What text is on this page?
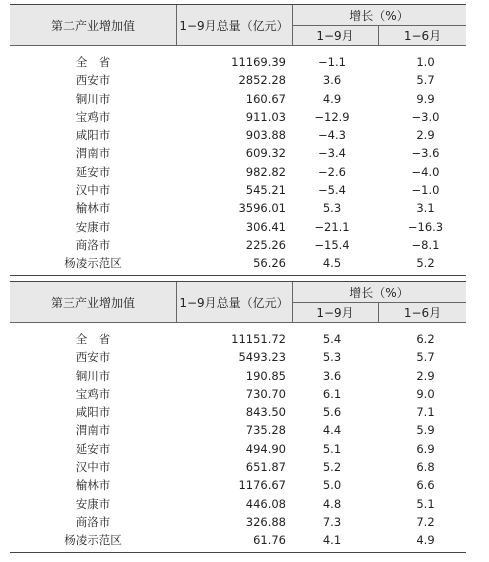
第二产业增加值	1−9月总量（亿元）
增长（%）
1−9月	1−6月
全　省	11169.39	−1.1	1.0
西安市	2852.28	3.6	5.7
铜川市	160.67	4.9	9.9
宝鸡市	911.03	−12.9	−3.0
咸阳市	903.88	−4.3	2.9
渭南市	609.32	−3.4	−3.6
延安市	982.82	−2.6	−4.0
汉中市	545.21	−5.4	−1.0
榆林市	3596.01	5.3	3.1
安康市	306.41	−21.1	−16.3
商洛市	225.26	−15.4	−8.1
杨凌示范区	56.26	4.5	5.2
第三产业增加值	1−9月总量（亿元）
增长（%）
1−9月	1−6月
全　省	11151.72	5.4	6.2
西安市	5493.23	5.3	5.7
铜川市	190.85	3.6	2.9
宝鸡市	730.70	6.1	9.0
咸阳市	843.50	5.6	7.1
渭南市	735.28	4.4	5.9
延安市	494.90	5.1	6.9
汉中市	651.87	5.2	6.8
榆林市	1176.67	5.0	6.6
安康市	446.08	4.8	5.1
商洛市	326.88	7.3	7.2
杨凌示范区	61.76	4.1	4.9
